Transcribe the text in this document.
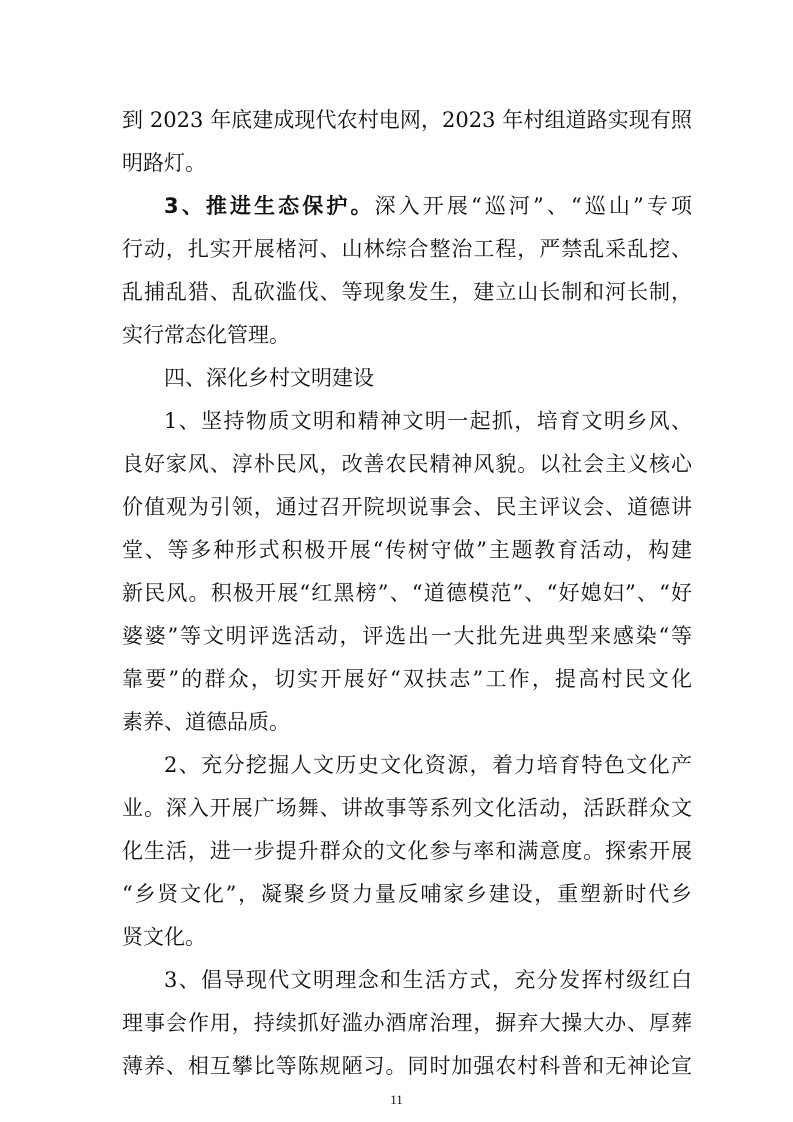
到 2023 年底建成现代农村电网，2023 年村组道路实现有照
明路灯。
3、推进生态保护。深入开展“巡河”、“巡山”专项
行动，扎实开展楮河、山林综合整治工程，严禁乱采乱挖、
乱捕乱猎、乱砍滥伐、等现象发生，建立山长制和河长制，
实行常态化管理。
四、深化乡村文明建设
1、坚持物质文明和精神文明一起抓，培育文明乡风、
良好家风、淳朴民风，改善农民精神风貌。以社会主义核心
价值观为引领，通过召开院坝说事会、民主评议会、道德讲
堂、等多种形式积极开展“传树守做”主题教育活动，构建
新民风。积极开展“红黑榜”、“道德模范”、“好媳妇”、“好
婆婆”等文明评选活动，评选出一大批先进典型来感染“等
靠要”的群众，切实开展好“双扶志”工作，提高村民文化
素养、道德品质。
2、充分挖掘人文历史文化资源，着力培育特色文化产
业。深入开展广场舞、讲故事等系列文化活动，活跃群众文
化生活，进一步提升群众的文化参与率和满意度。探索开展
“乡贤文化”，凝聚乡贤力量反哺家乡建设，重塑新时代乡
贤文化。
3、倡导现代文明理念和生活方式，充分发挥村级红白
理事会作用，持续抓好滥办酒席治理，摒弃大操大办、厚葬
薄养、相互攀比等陈规陋习。同时加强农村科普和无神论宣
11
